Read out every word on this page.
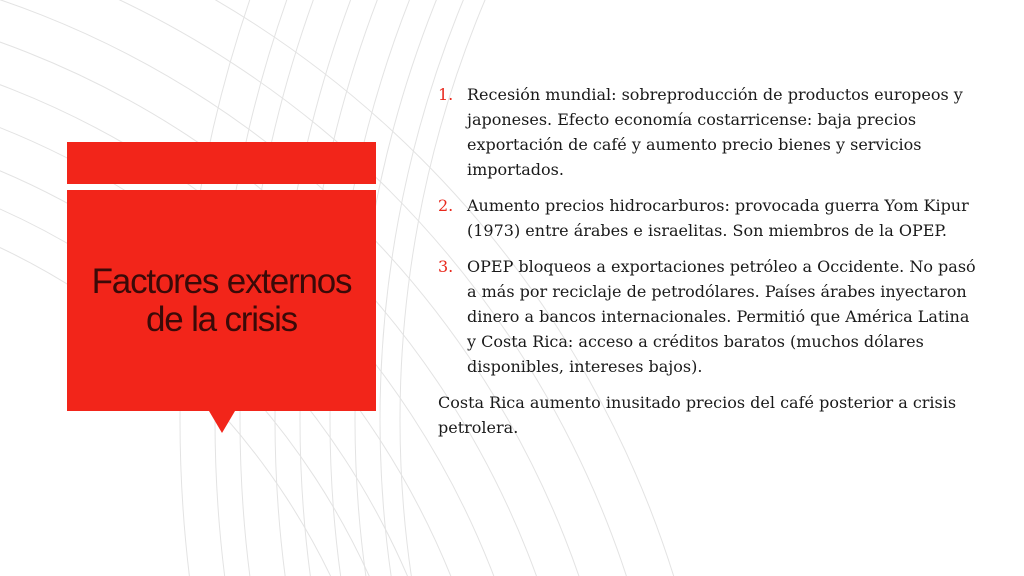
Factores externos de la crisis
1. Recesión mundial: sobreproducción de productos europeos y japoneses. Efecto economía costarricense: baja precios exportación de café y aumento precio bienes y servicios importados.
2. Aumento precios hidrocarburos: provocada guerra Yom Kipur (1973) entre árabes e israelitas. Son miembros de la OPEP.
3. OPEP bloqueos a exportaciones petróleo a Occidente. No pasó a más por reciclaje de petrodólares. Países árabes inyectaron dinero a bancos internacionales. Permitió que América Latina y Costa Rica: acceso a créditos baratos (muchos dólares disponibles, intereses bajos).

Costa Rica aumento inusitado precios del café posterior a crisis petrolera.
